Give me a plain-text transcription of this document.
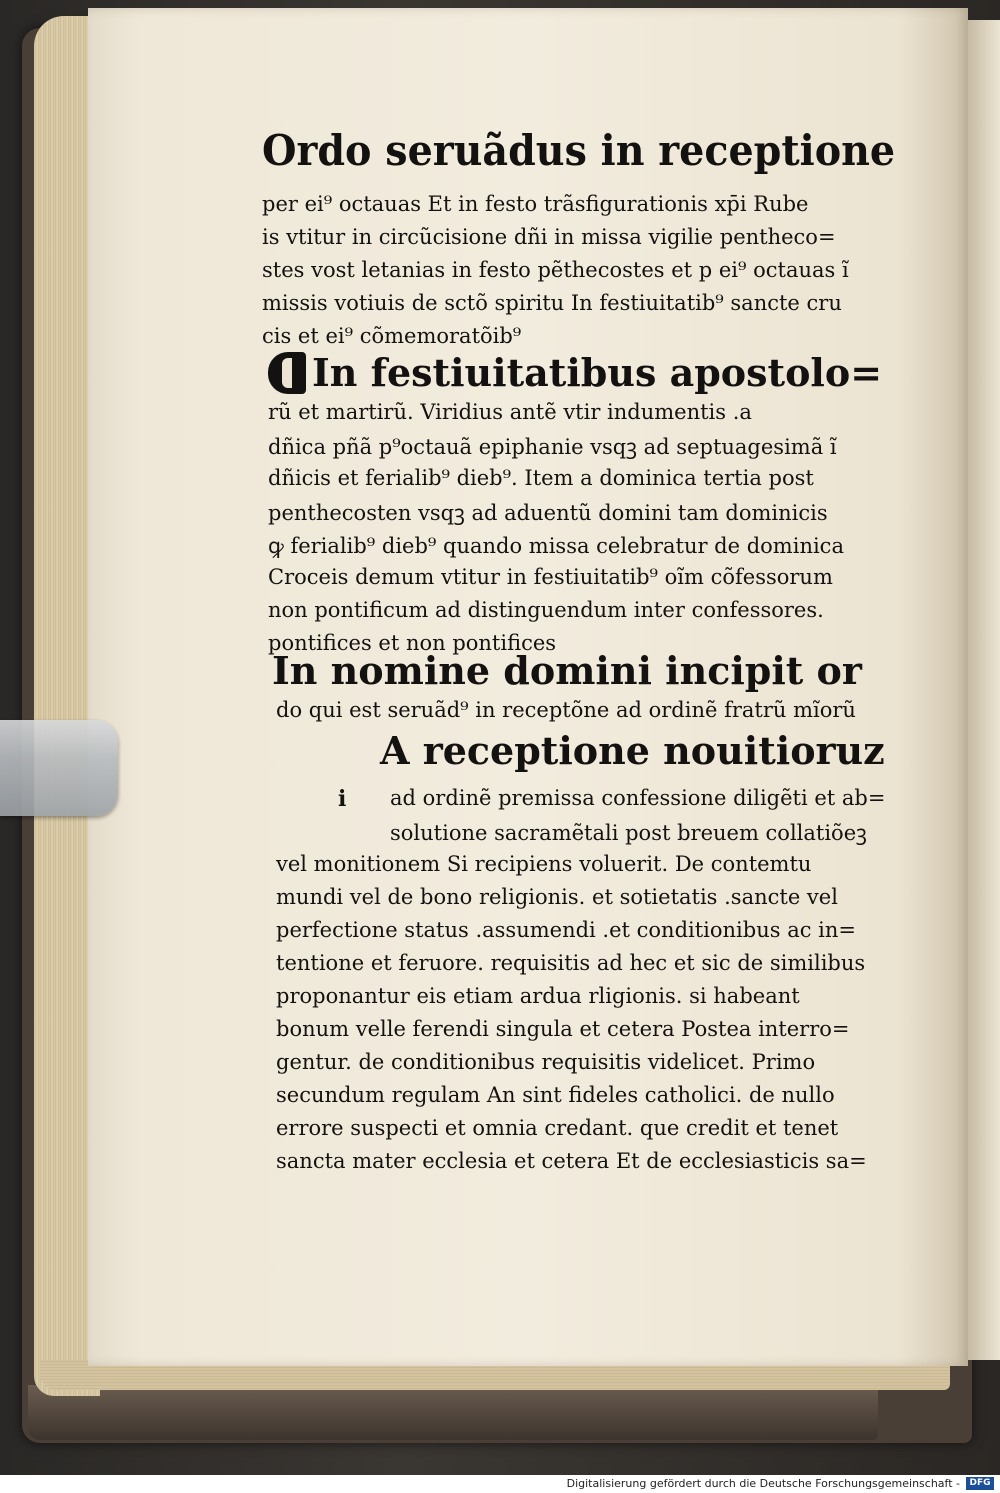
Ordo seruãdus in receptione
per ei⁹ octauas Et in festo trãsfigurationis xp̄i Rube
is vtitur in circũcisione dñi in missa vigilie pentheco=
stes vost letanias in festo pẽthecostes et p ei⁹ octauas ĩ
missis votiuis de sctõ spiritu In festiuitatib⁹ sancte cru
cis et ei⁹ cõmemoratõib⁹
In festiuitatibus apostolo=
rũ et martirũ. Viridius antẽ vtir indumentis .a
dñica pñã p⁹octauã epiphanie vsqꝫ ad septuagesimã ĩ
dñicis et ferialib⁹ dieb⁹. Item a dominica tertia post
penthecosten vsqꝫ ad aduentũ domini tam dominicis
ꝙ ferialib⁹ dieb⁹ quando missa celebratur de dominica
Croceis demum vtitur in festiuitatib⁹ oĩm cõfessorum
non pontificum ad distinguendum inter confessores.
pontifices et non pontifices
In nomine domini incipit or
do qui est seruãd⁹ in receptõne ad ordinẽ fratrũ mĩorũ
A receptione nouitioruz
i ad ordinẽ premissa confessione diligẽti et ab=
solutione sacramẽtali post breuem collatiõeꝫ
vel monitionem Si recipiens voluerit. De contemtu
mundi vel de bono religionis. et sotietatis .sancte vel
perfectione status .assumendi .et conditionibus ac in=
tentione et feruore. requisitis ad hec et sic de similibus
proponantur eis etiam ardua rligionis. si habeant
bonum velle ferendi singula et cetera Postea interro=
gentur. de conditionibus requisitis videlicet. Primo
secundum regulam An sint fideles catholici. de nullo
errore suspecti et omnia credant. que credit et tenet
sancta mater ecclesia et cetera Et de ecclesiasticis sa=
Digitalisierung gefördert durch die Deutsche Forschungsgemeinschaft -	DFG
